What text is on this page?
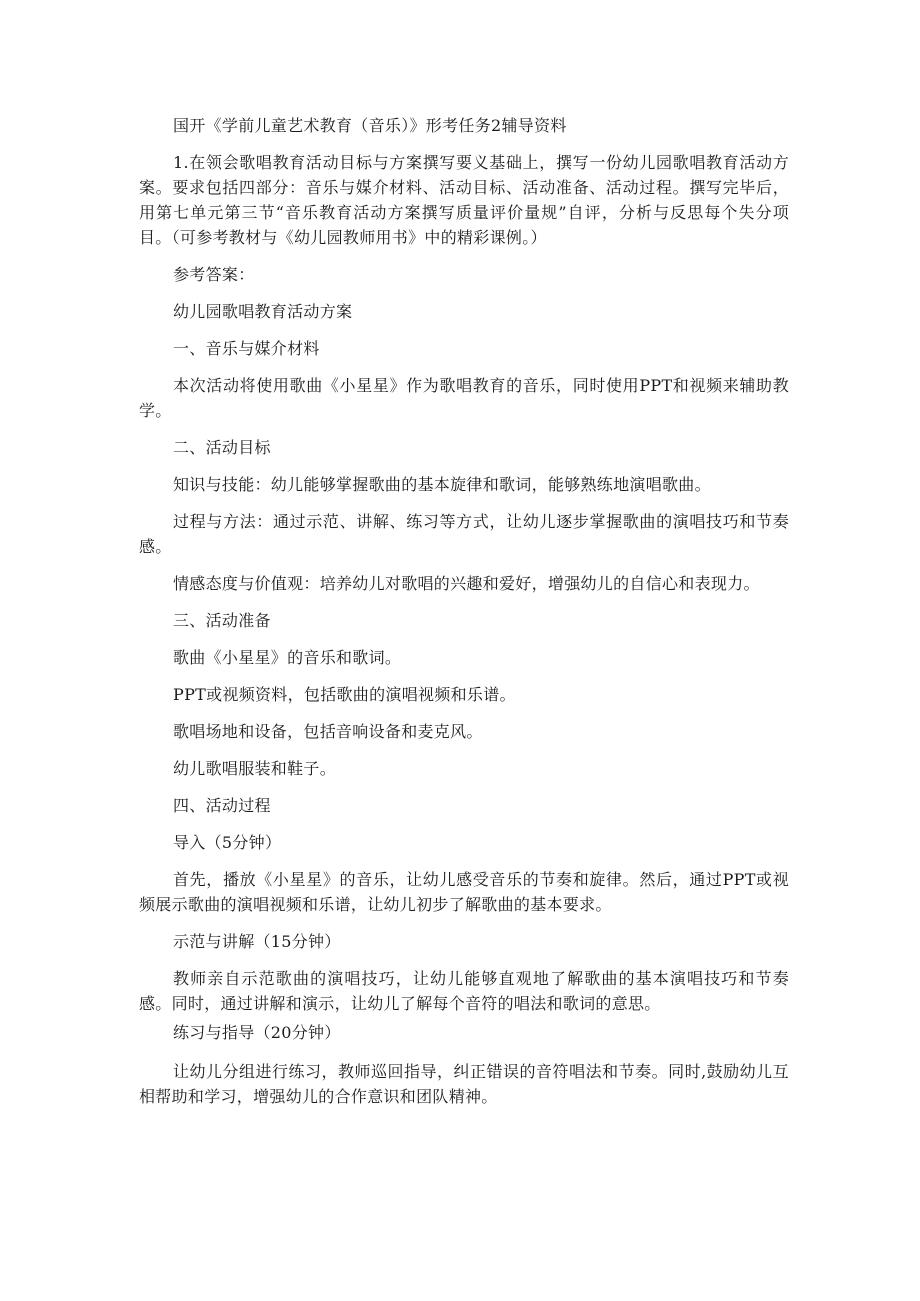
国开《学前儿童艺术教育（音乐）》形考任务2辅导资料

1.在领会歌唱教育活动目标与方案撰写要义基础上，撰写一份幼儿园歌唱教育活动方案。要求包括四部分：音乐与媒介材料、活动目标、活动准备、活动过程。撰写完毕后，用第七单元第三节“音乐教育活动方案撰写质量评价量规”自评，分析与反思每个失分项目。（可参考教材与《幼儿园教师用书》中的精彩课例。）

参考答案：

幼儿园歌唱教育活动方案

一、音乐与媒介材料

本次活动将使用歌曲《小星星》作为歌唱教育的音乐，同时使用PPT和视频来辅助教学。

二、活动目标

知识与技能：幼儿能够掌握歌曲的基本旋律和歌词，能够熟练地演唱歌曲。

过程与方法：通过示范、讲解、练习等方式，让幼儿逐步掌握歌曲的演唱技巧和节奏感。

情感态度与价值观：培养幼儿对歌唱的兴趣和爱好，增强幼儿的自信心和表现力。

三、活动准备

歌曲《小星星》的音乐和歌词。

PPT或视频资料，包括歌曲的演唱视频和乐谱。

歌唱场地和设备，包括音响设备和麦克风。

幼儿歌唱服装和鞋子。

四、活动过程

导入（5分钟）

首先，播放《小星星》的音乐，让幼儿感受音乐的节奏和旋律。然后，通过PPT或视频展示歌曲的演唱视频和乐谱，让幼儿初步了解歌曲的基本要求。

示范与讲解（15分钟）

教师亲自示范歌曲的演唱技巧，让幼儿能够直观地了解歌曲的基本演唱技巧和节奏感。同时，通过讲解和演示，让幼儿了解每个音符的唱法和歌词的意思。

练习与指导（20分钟）

让幼儿分组进行练习，教师巡回指导，纠正错误的音符唱法和节奏。同时,鼓励幼儿互相帮助和学习，增强幼儿的合作意识和团队精神。
